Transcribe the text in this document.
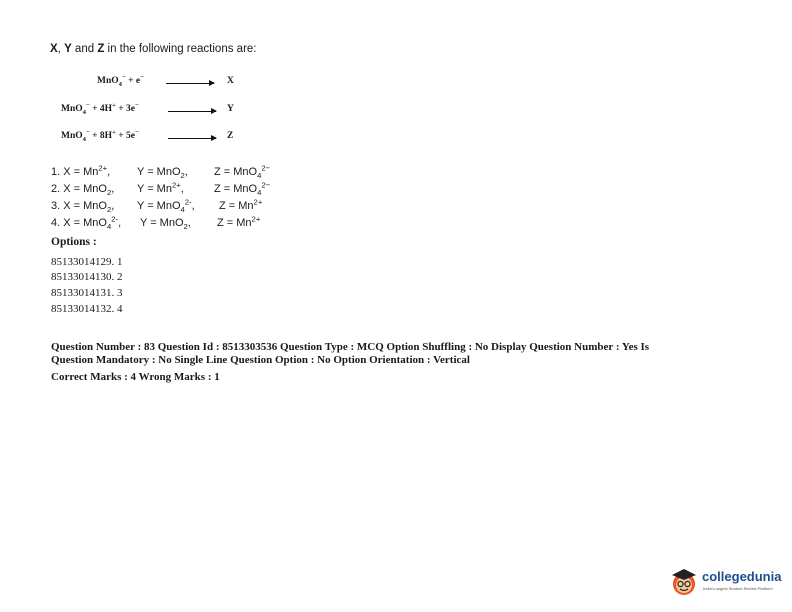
X, Y and Z in the following reactions are:
MnO$_4$− + e− → X
MnO$_4$− + 4H+ + 3e− → Y
MnO$_4$− + 8H+ + 5e− → Z
1. $X = Mn^{2+}$, Y = MnO$_2$, Z = MnO$_4^{2-}$
2. X = MnO$_2$, $Y = Mn^{2+}$,	Z = MnO$_4^{2-}$
3. X = MnO$_2$, Y = MnO$_4^{2-}$, $Z = Mn^{2+}$
4. X = MnO$_4^{2-}$, Y = MnO$_2$, $Z = Mn^{2+}$
Options :
85133014129. 1
85133014130. 2
85133014131. 3
85133014132. 4
Question Number : 83 Question Id : 8513303536 Question Type : MCQ Option Shuffling : No Display Question Number : Yes Is
Question Mandatory : No Single Line Question Option : No Option Orientation : Vertical
Correct Marks : 4 Wrong Marks : 1
collegedunia
India's largest Student Review Platform
